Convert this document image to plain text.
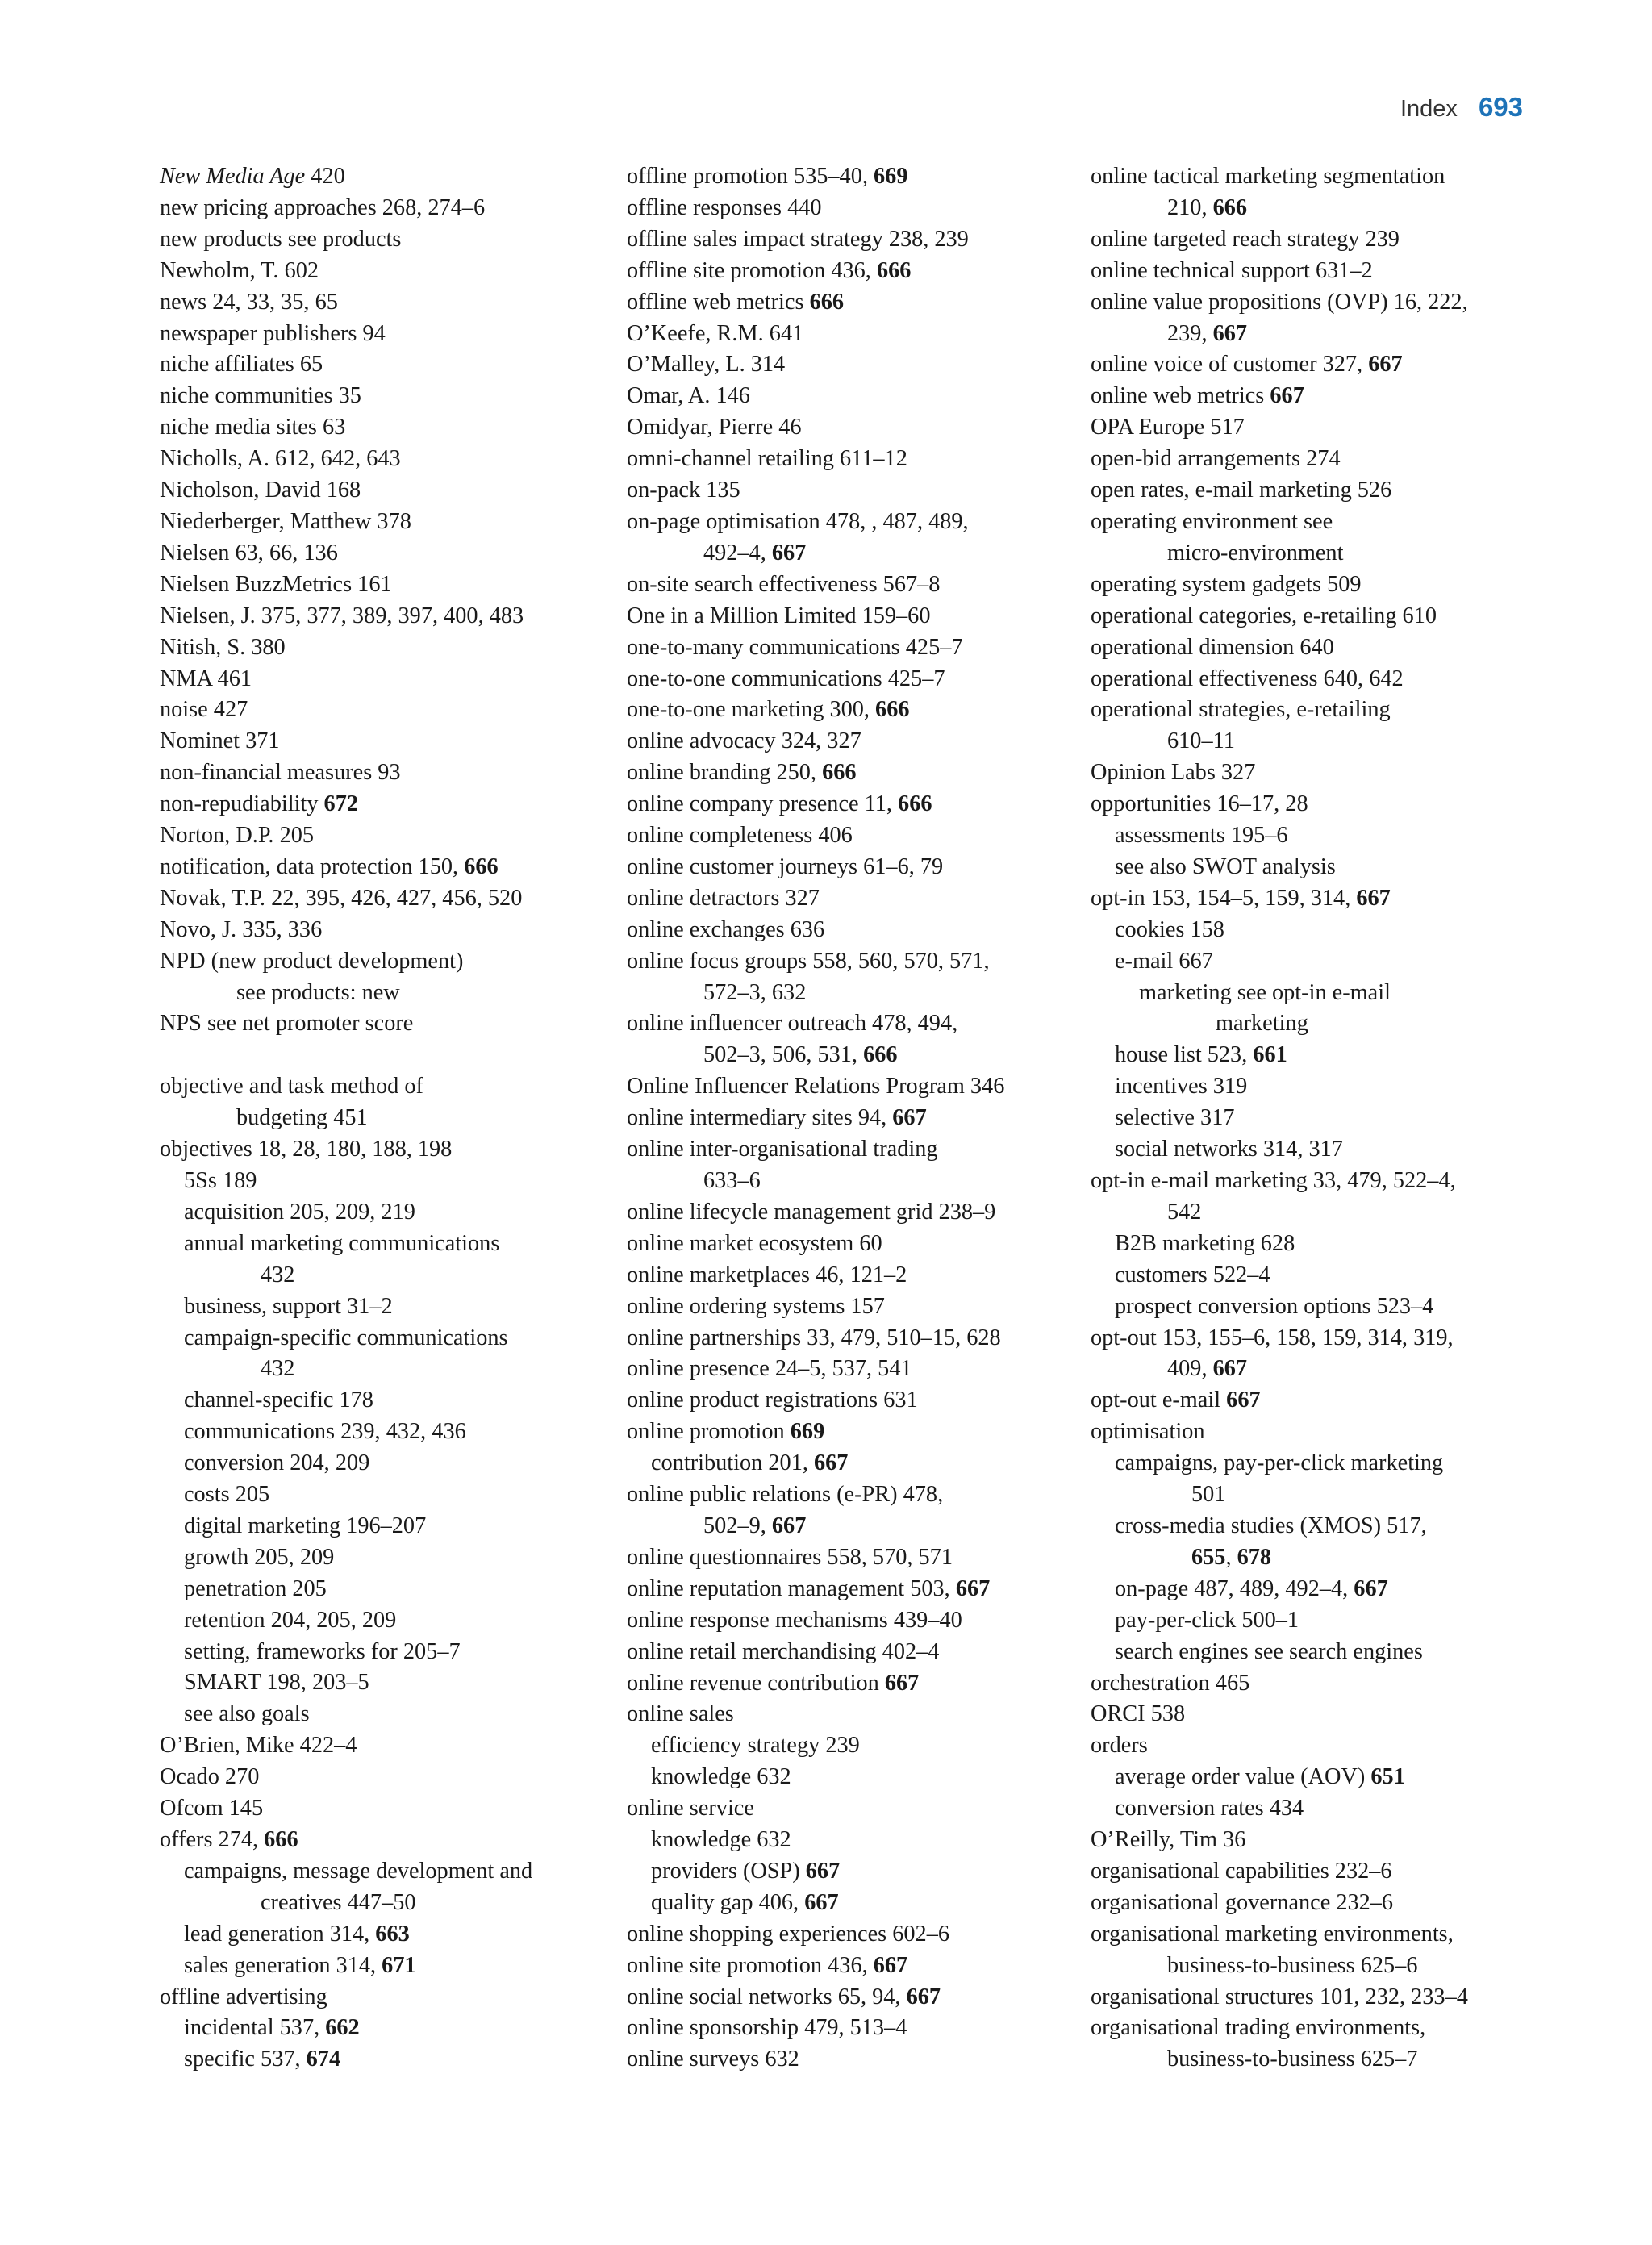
Index 693

New Media Age 420

new pricing approaches 268, 274–6

new products see products

Newholm, T. 602

news 24, 33, 35, 65

newspaper publishers 94

niche affiliates 65

niche communities 35

niche media sites 63

Nicholls, A. 612, 642, 643

Nicholson, David 168

Niederberger, Matthew 378

Nielsen 63, 66, 136

Nielsen BuzzMetrics 161

Nielsen, J. 375, 377, 389, 397, 400, 483

Nitish, S. 380

NMA 461

noise 427

Nominet 371

non-financial measures 93

non-repudiability 672

Norton, D.P. 205

notification, data protection 150, 666

Novak, T.P. 22, 395, 426, 427, 456, 520

Novo, J. 335, 336

NPD (new product development)
see products: new

NPS see net promoter score

objective and task method of
budgeting 451

objectives 18, 28, 180, 188, 198

5Ss 189

acquisition 205, 209, 219

annual marketing communications
432

business, support 31–2

campaign-specific communications
432

channel-specific 178

communications 239, 432, 436

conversion 204, 209

costs 205

digital marketing 196–207

growth 205, 209

penetration 205

retention 204, 205, 209

setting, frameworks for 205–7

SMART 198, 203–5

see also goals

O’Brien, Mike 422–4

Ocado 270

Ofcom 145

offers 274, 666

campaigns, message development and
creatives 447–50

lead generation 314, 663

sales generation 314, 671

offline advertising

incidental 537, 662

specific 537, 674

offline promotion 535–40, 669

offline responses 440

offline sales impact strategy 238, 239

offline site promotion 436, 666

offline web metrics 666

O’Keefe, R.M. 641

O’Malley, L. 314

Omar, A. 146

Omidyar, Pierre 46

omni-channel retailing 611–12

on-pack 135

on-page optimisation 478, , 487, 489,
492–4, 667

on-site search effectiveness 567–8

One in a Million Limited 159–60

one-to-many communications 425–7

one-to-one communications 425–7

one-to-one marketing 300, 666

online advocacy 324, 327

online branding 250, 666

online company presence 11, 666

online completeness 406

online customer journeys 61–6, 79

online detractors 327

online exchanges 636

online focus groups 558, 560, 570, 571,
572–3, 632

online influencer outreach 478, 494,
502–3, 506, 531, 666

Online Influencer Relations Program 346

online intermediary sites 94, 667

online inter-organisational trading
633–6

online lifecycle management grid 238–9

online market ecosystem 60

online marketplaces 46, 121–2

online ordering systems 157

online partnerships 33, 479, 510–15, 628

online presence 24–5, 537, 541

online product registrations 631

online promotion 669

contribution 201, 667

online public relations (e-PR) 478,
502–9, 667

online questionnaires 558, 570, 571

online reputation management 503, 667

online response mechanisms 439–40

online retail merchandising 402–4

online revenue contribution 667

online sales

efficiency strategy 239

knowledge 632

online service

knowledge 632

providers (OSP) 667

quality gap 406, 667

online shopping experiences 602–6

online site promotion 436, 667

online social networks 65, 94, 667

online sponsorship 479, 513–4

online surveys 632

online tactical marketing segmentation
210, 666

online targeted reach strategy 239

online technical support 631–2

online value propositions (OVP) 16, 222,
239, 667

online voice of customer 327, 667

online web metrics 667

OPA Europe 517

open-bid arrangements 274

open rates, e-mail marketing 526

operating environment see
micro-environment

operating system gadgets 509

operational categories, e-retailing 610

operational dimension 640

operational effectiveness 640, 642

operational strategies, e-retailing
610–11

Opinion Labs 327

opportunities 16–17, 28

assessments 195–6

see also SWOT analysis

opt-in 153, 154–5, 159, 314, 667

cookies 158

e-mail 667

marketing see opt-in e-mail
marketing

house list 523, 661

incentives 319

selective 317

social networks 314, 317

opt-in e-mail marketing 33, 479, 522–4,
542

B2B marketing 628

customers 522–4

prospect conversion options 523–4

opt-out 153, 155–6, 158, 159, 314, 319,
409, 667

opt-out e-mail 667

optimisation

campaigns, pay-per-click marketing
501

cross-media studies (XMOS) 517,
655, 678

on-page 487, 489, 492–4, 667

pay-per-click 500–1

search engines see search engines

orchestration 465

ORCI 538

orders

average order value (AOV) 651

conversion rates 434

O’Reilly, Tim 36

organisational capabilities 232–6

organisational governance 232–6

organisational marketing environments,
business-to-business 625–6

organisational structures 101, 232, 233–4

organisational trading environments,
business-to-business 625–7
